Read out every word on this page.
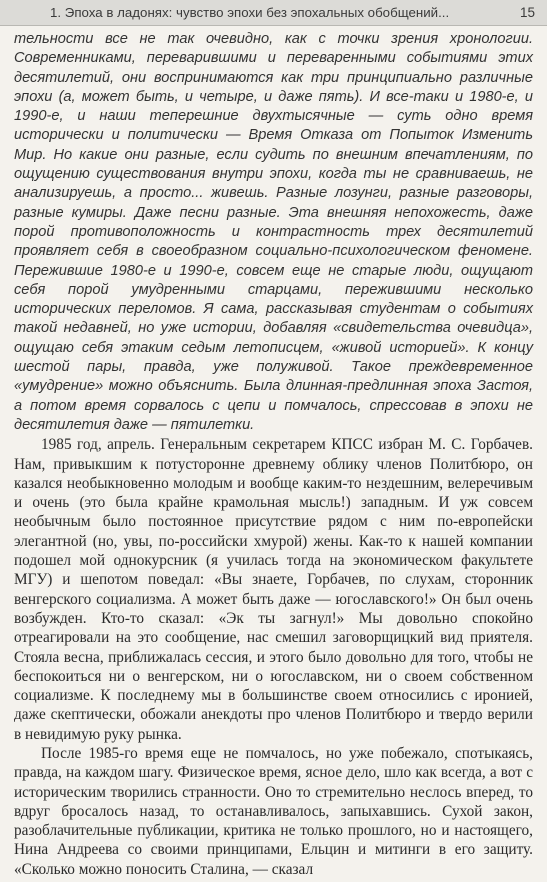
1. Эпоха в ладонях: чувство эпохи без эпохальных обобщений...	15

тельности все не так очевидно, как с точки зрения хронологии. Современниками, переварившими и переваренными событиями этих десятилетий, они воспринимаются как три принципиально различные эпохи (а, может быть, и четыре, и даже пять). И все-таки и 1980-е, и 1990-е, и наши теперешние двухтысячные — суть одно время исторически и политически — Время Отказа от Попыток Изменить Мир. Но какие они разные, если судить по внешним впечатлениям, по ощущению существования внутри эпохи, когда ты не сравниваешь, не анализируешь, а просто... живешь. Разные лозунги, разные разговоры, разные кумиры. Даже песни разные. Эта внешняя непохожесть, даже порой противоположность и контрастность трех десятилетий проявляет себя в своеобразном социально-психологическом феномене. Пережившие 1980-е и 1990-е, совсем еще не старые люди, ощущают себя порой умудренными старцами, пережившими несколько исторических переломов. Я сама, рассказывая студентам о событиях такой недавней, но уже истории, добавляя «свидетельства очевидца», ощущаю себя этаким седым летописцем, «живой историей». К концу шестой пары, правда, уже полуживой. Такое преждевременное «умудрение» можно объяснить. Была длинная-предлинная эпоха Застоя, а потом время сорвалось с цепи и помчалось, спрессовав в эпохи не десятилетия даже — пятилетки.

1985 год, апрель. Генеральным секретарем КПСС избран М. С. Горбачев. Нам, привыкшим к потусторонне древнему облику членов Политбюро, он казался необыкновенно молодым и вообще каким-то нездешним, велеречивым и очень (это была крайне крамольная мысль!) западным. И уж совсем необычным было постоянное присутствие рядом с ним по-европейски элегантной (но, увы, по-российски хмурой) жены. Как-то к нашей компании подошел мой однокурсник (я училась тогда на экономическом факультете МГУ) и шепотом поведал: «Вы знаете, Горбачев, по слухам, сторонник венгерского социализма. А может быть даже — югославского!» Он был очень возбужден. Кто-то сказал: «Эк ты загнул!» Мы довольно спокойно отреагировали на это сообщение, нас смешил заговорщицкий вид приятеля. Стояла весна, приближалась сессия, и этого было довольно для того, чтобы не беспокоиться ни о венгерском, ни о югославском, ни о своем собственном социализме. К последнему мы в большинстве своем относились с иронией, даже скептически, обожали анекдоты про членов Политбюро и твердо верили в невидимую руку рынка.

После 1985-го время еще не помчалось, но уже побежало, спотыкаясь, правда, на каждом шагу. Физическое время, ясное дело, шло как всегда, а вот с историческим творились странности. Оно то стремительно неслось вперед, то вдруг бросалось назад, то останавливалось, запыхавшись. Сухой закон, разоблачительные публикации, критика не только прошлого, но и настоящего, Нина Андреева со своими принципами, Ельцин и митинги в его защиту. «Сколько можно поносить Сталина, — сказал
